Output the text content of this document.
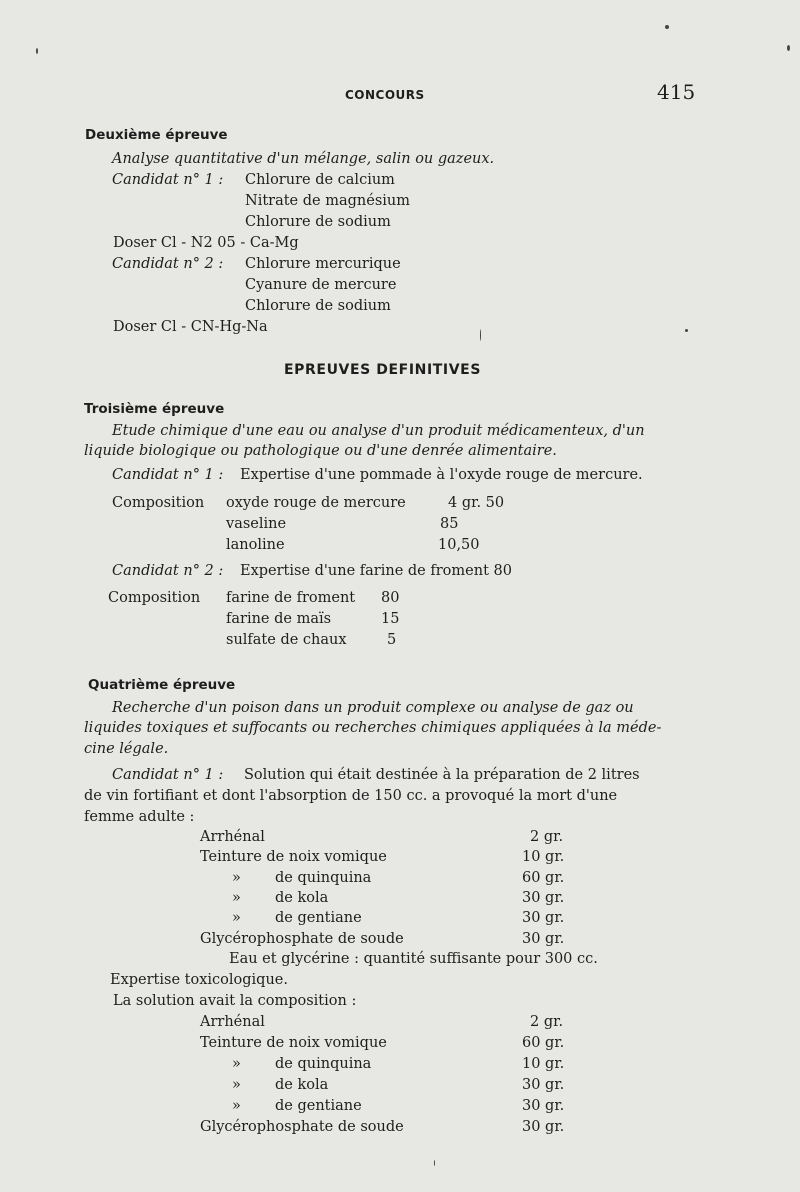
CONCOURS	415
Deuxième épreuve
Analyse quantitative d'un mélange, salin ou gazeux.
Candidat n° 1 : Chlorure de calcium
Nitrate de magnésium
Chlorure de sodium
Doser Cl - N2 05 - Ca-Mg
Candidat n° 2 : Chlorure mercurique
Cyanure de mercure
Chlorure de sodium
Doser Cl - CN-Hg-Na
EPREUVES DEFINITIVES
Troisième épreuve
Etude chimique d'une eau ou analyse d'un produit médicamenteux, d'un
liquide biologique ou pathologique ou d'une denrée alimentaire.
Candidat n° 1 : Expertise d'une pommade à l'oxyde rouge de mercure.
Composition oxyde rouge de mercure	4 gr. 50
vaseline	85
lanoline	10,50
Candidat n° 2 : Expertise d'une farine de froment 80
Composition farine de froment 80
farine de maïs	15
sulfate de chaux	5
Quatrième épreuve
Recherche d'un poison dans un produit complexe ou analyse de gaz ou
liquides toxiques et suffocants ou recherches chimiques appliquées à la méde-
cine légale.
Candidat n° 1 : Solution qui était destinée à la préparation de 2 litres
de vin fortifiant et dont l'absorption de 150 cc. a provoqué la mort d'une
femme adulte :
Arrhénal	2 gr.
Teinture de noix vomique	10 gr.
» de quinquina	60 gr.
» de kola	30 gr.
» de gentiane	30 gr.
Glycérophosphate de soude	30 gr.
Eau et glycérine : quantité suffisante pour 300 cc.
Expertise toxicologique.
La solution avait la composition :
Arrhénal	2 gr.
Teinture de noix vomique	60 gr.
» de quinquina	10 gr.
» de kola	30 gr.
» de gentiane	30 gr.
Glycérophosphate de soude	30 gr.
